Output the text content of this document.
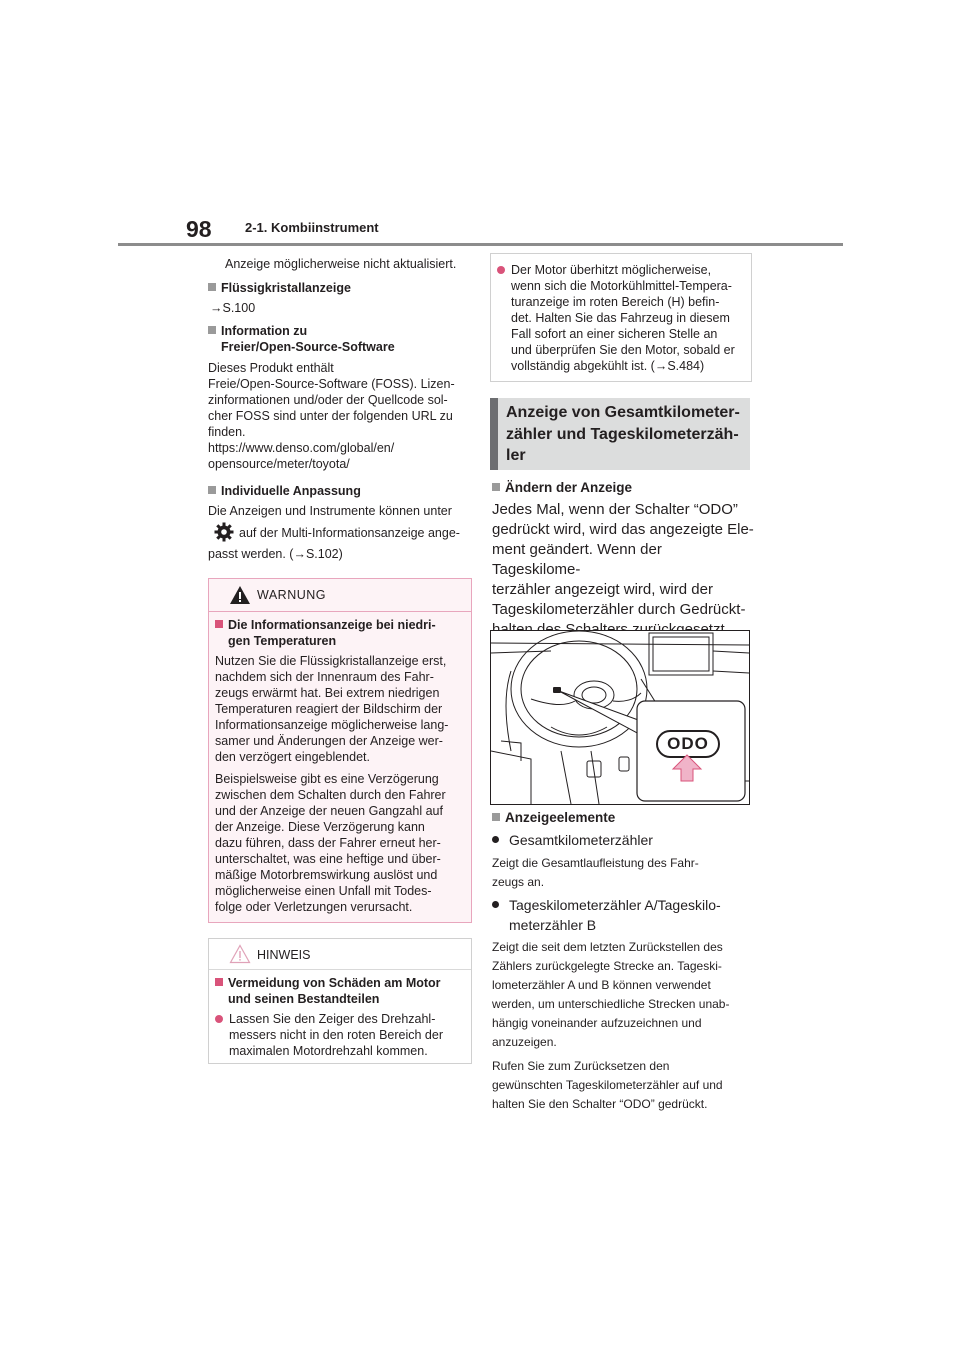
98	2-1. Kombiinstrument
Anzeige möglicherweise nicht aktualisiert.
Flüssigkristallanzeige
→S.100
Information zu
Freier/Open-Source-Software
Dieses Produkt enthält
Freie/Open-Source-Software (FOSS). Lizen-
zinformationen und/oder der Quellcode sol-
cher FOSS sind unter der folgenden URL zu
finden.
https://www.denso.com/global/en/
opensource/meter/toyota/
Individuelle Anpassung
Die Anzeigen und Instrumente können unter
auf der Multi-Informationsanzeige ange-
passt werden. (→S.102)
WARNUNG
Die Informationsanzeige bei niedri-
gen Temperaturen
Nutzen Sie die Flüssigkristallanzeige erst,
nachdem sich der Innenraum des Fahr-
zeugs erwärmt hat. Bei extrem niedrigen
Temperaturen reagiert der Bildschirm der
Informationsanzeige möglicherweise lang-
samer und Änderungen der Anzeige wer-
den verzögert eingeblendet.
Beispielsweise gibt es eine Verzögerung
zwischen dem Schalten durch den Fahrer
und der Anzeige der neuen Gangzahl auf
der Anzeige. Diese Verzögerung kann
dazu führen, dass der Fahrer erneut her-
unterschaltet, was eine heftige und über-
mäßige Motorbremswirkung auslöst und
möglicherweise einen Unfall mit Todes-
folge oder Verletzungen verursacht.
HINWEIS
Vermeidung von Schäden am Motor
und seinen Bestandteilen
Lassen Sie den Zeiger des Drehzahl-
messers nicht in den roten Bereich der
maximalen Motordrehzahl kommen.
Der Motor überhitzt möglicherweise,
wenn sich die Motorkühlmittel-Tempera-
turanzeige im roten Bereich (H) befin-
det. Halten Sie das Fahrzeug in diesem
Fall sofort an einer sicheren Stelle an
und überprüfen Sie den Motor, sobald er
vollständig abgekühlt ist. (→S.484)
Anzeige von Gesamtkilometer-
zähler und Tageskilometerzäh-
ler
Ändern der Anzeige
Jedes Mal, wenn der Schalter “ODO”
gedrückt wird, wird das angezeigte Ele-
ment geändert. Wenn der Tageskilome-
terzähler angezeigt wird, wird der
Tageskilometerzähler durch Gedrückt-
ODO
Anzeigeelemente
Gesamtkilometerzähler
Zeigt die Gesamtlaufleistung des Fahr-
zeugs an.
Tageskilometerzähler A/Tageskilo-
meterzähler B
Zeigt die seit dem letzten Zurückstellen des
Zählers zurückgelegte Strecke an. Tageski-
lometerzähler A und B können verwendet
werden, um unterschiedliche Strecken unab-
hängig voneinander aufzuzeichnen und
anzuzeigen.
Rufen Sie zum Zurücksetzen den
gewünschten Tageskilometerzähler auf und
halten Sie den Schalter “ODO” gedrückt.
